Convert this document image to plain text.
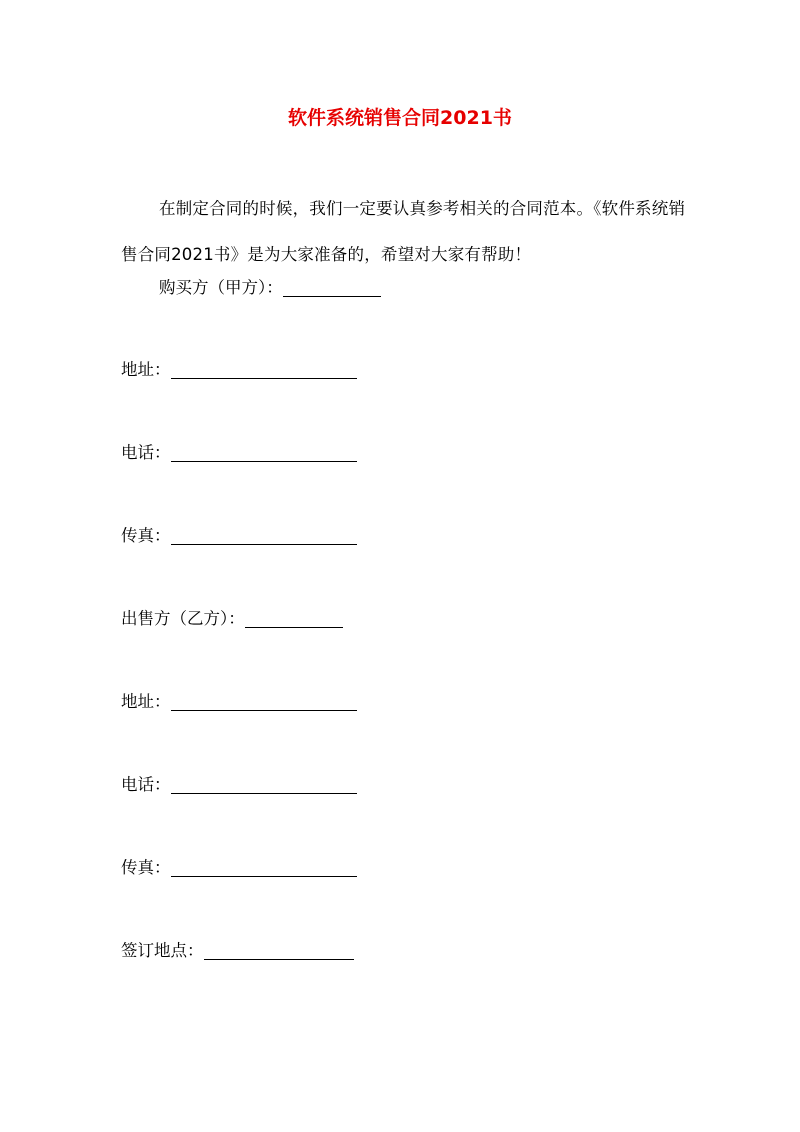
软件系统销售合同2021书

在制定合同的时候，我们一定要认真参考相关的合同范本。《软件系统销售合同2021书》是为大家准备的，希望对大家有帮助！

购买方（甲方）：
地址：
电话：
传真：
出售方（乙方）：
地址：
电话：
传真：
签订地点：
